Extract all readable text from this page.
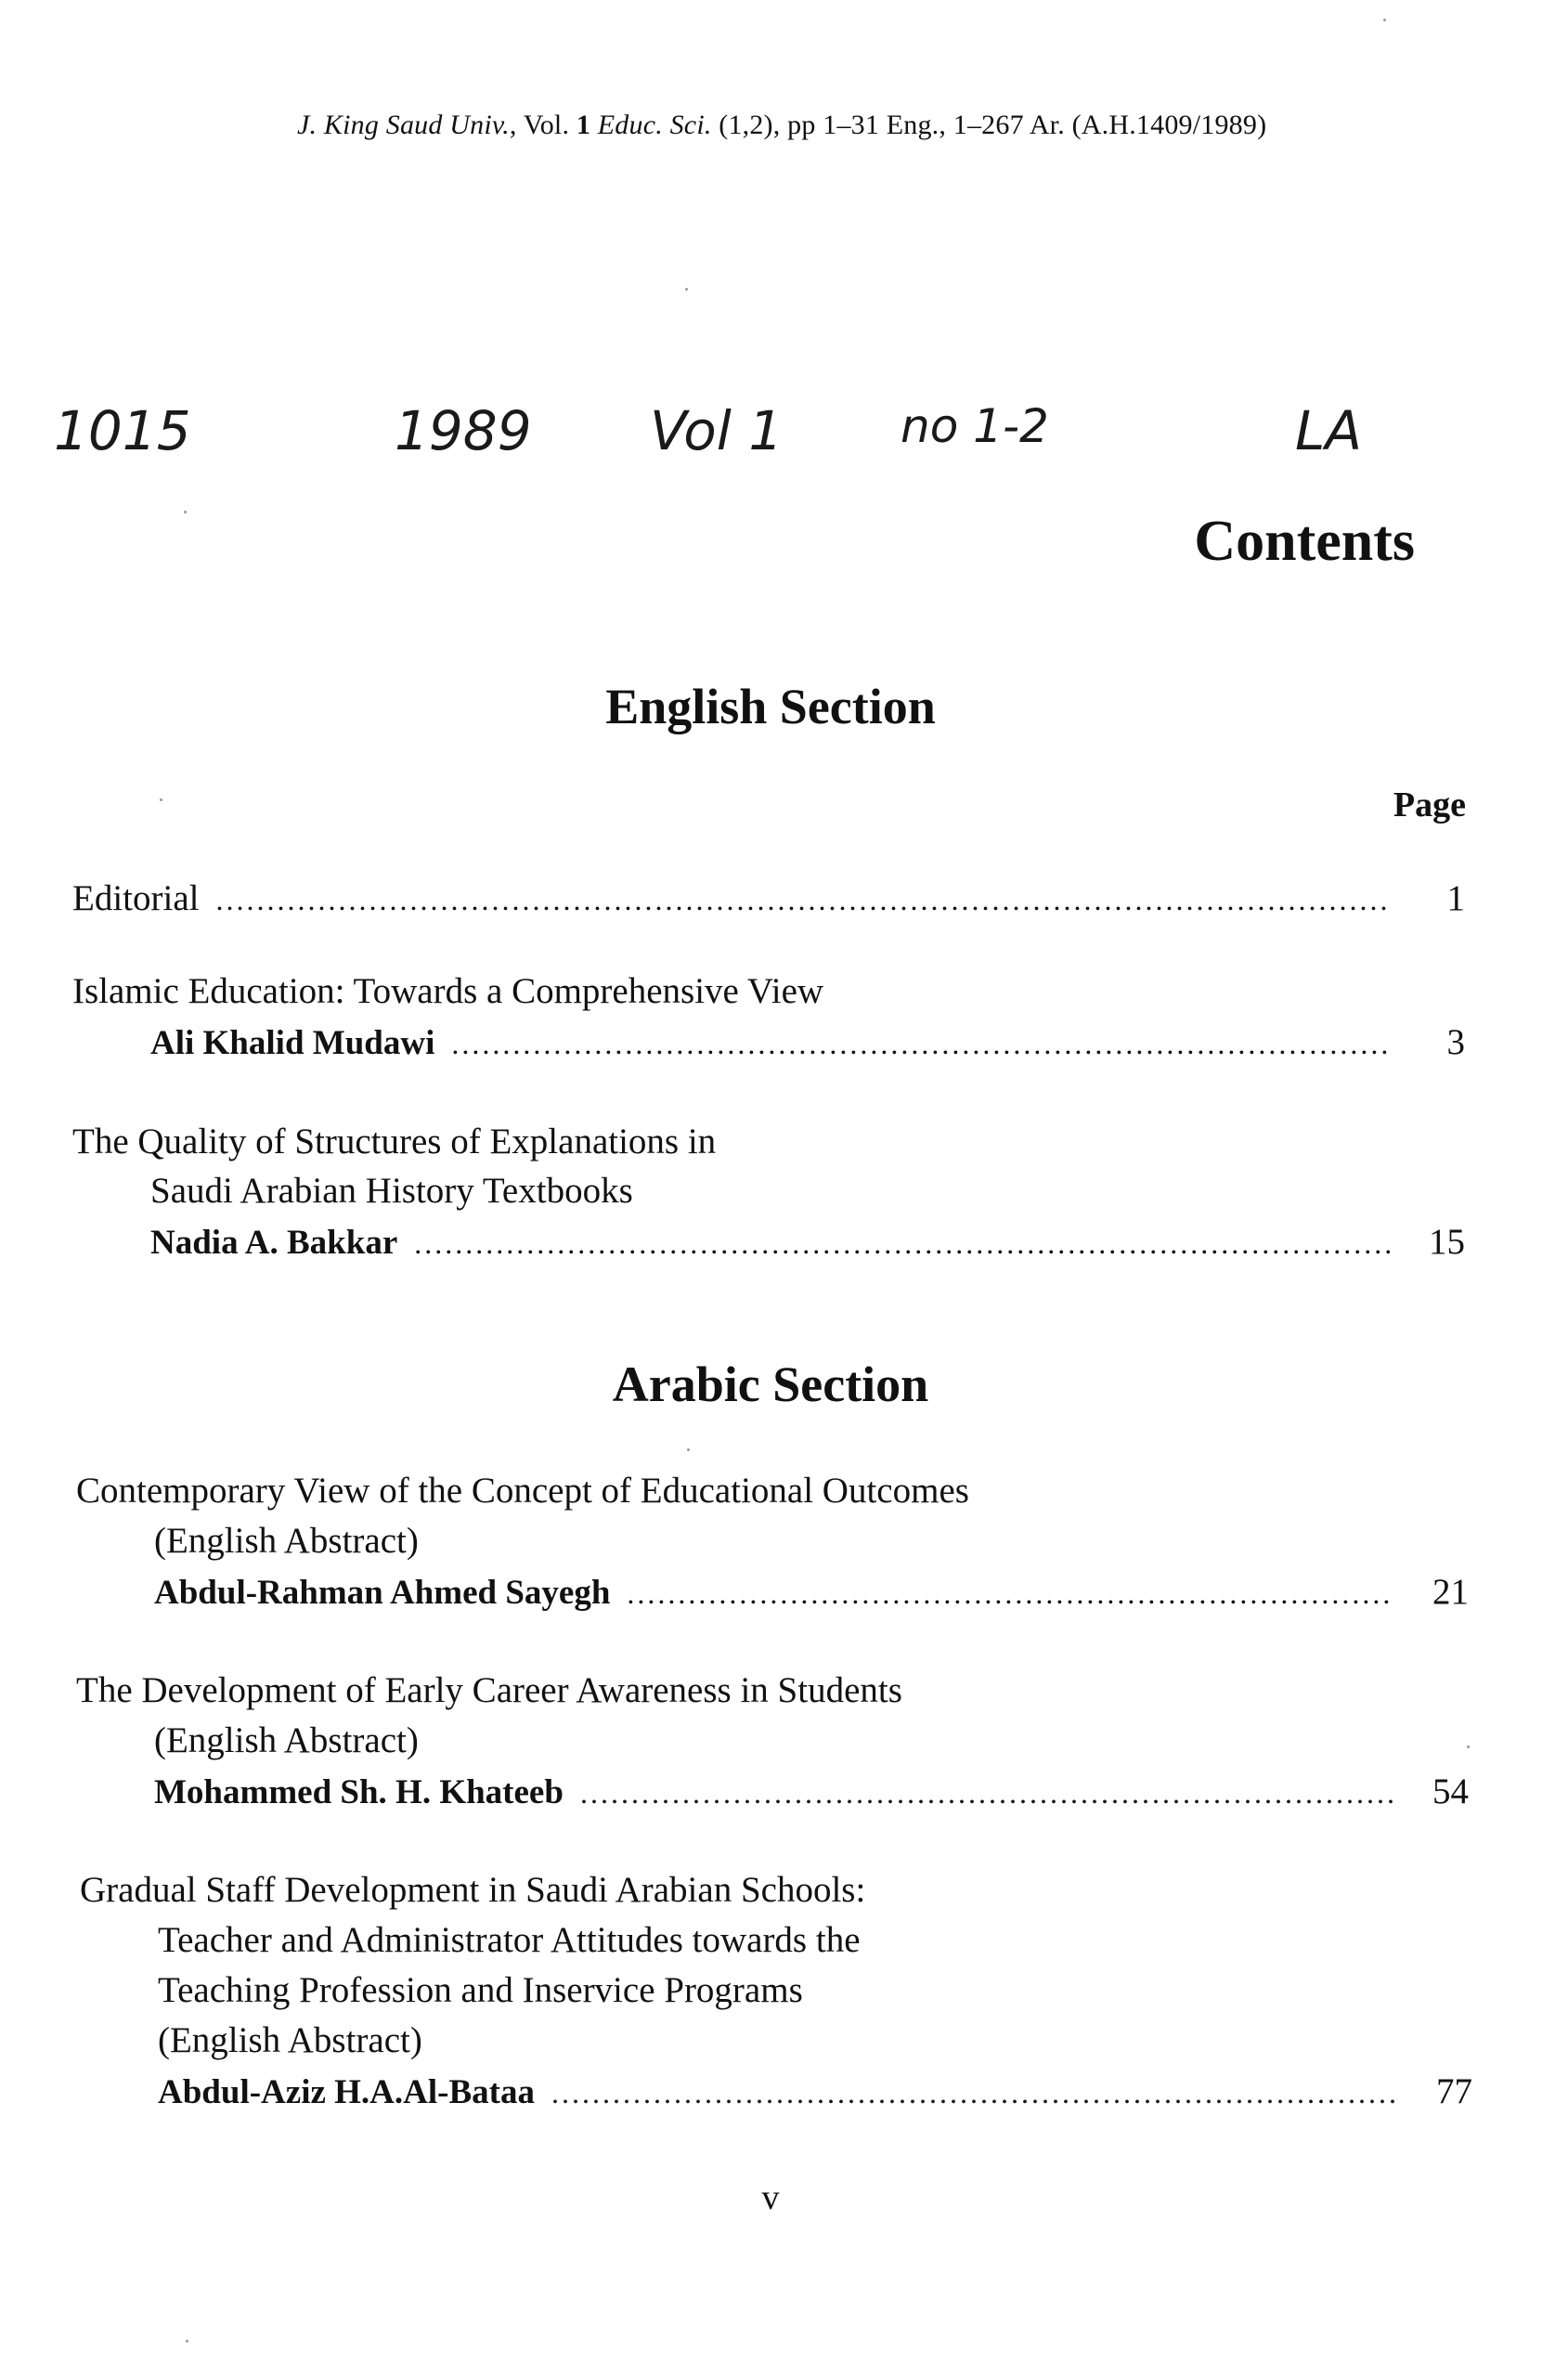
J. King Saud Univ., Vol. 1 Educ. Sci. (1,2), pp 1–31 Eng., 1–267 Ar. (A.H.1409/1989)
1015	1989 Vol 1	no 1-2	LA
Contents
English Section
Page
Editorial .....	1
Islamic Education: Towards a Comprehensive View
Ali Khalid Mudawi .....	3
The Quality of Structures of Explanations in
Saudi Arabian History Textbooks
Nadia A. Bakkar .....	15
Arabic Section
Contemporary View of the Concept of Educational Outcomes
(English Abstract)
Abdul-Rahman Ahmed Sayegh .....	21
The Development of Early Career Awareness in Students
(English Abstract)
Mohammed Sh. H. Khateeb .....	54
Gradual Staff Development in Saudi Arabian Schools:
Teacher and Administrator Attitudes towards the
Teaching Profession and Inservice Programs
(English Abstract)
Abdul-Aziz H.A.Al-Bataa .....	77
v
